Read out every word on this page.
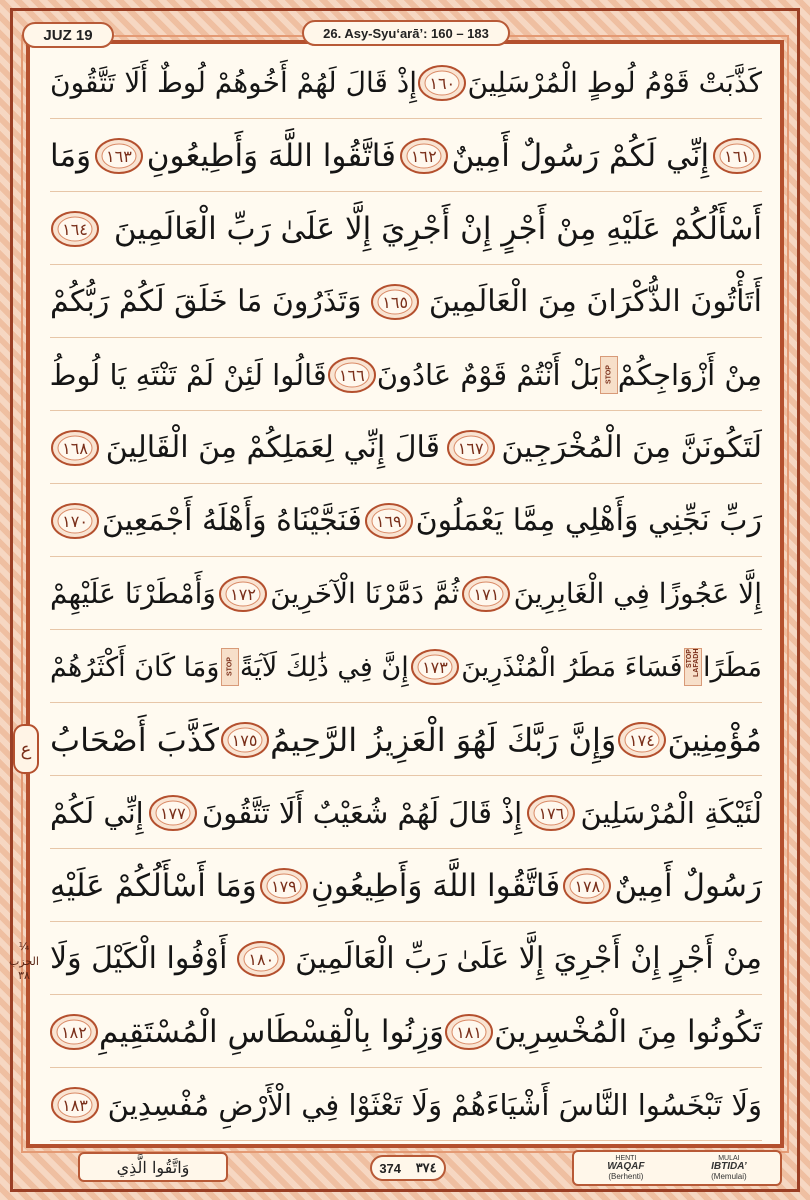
JUZ 19	26. Asy-Syu‘arā’: 160 – 183
كَذَّبَتْ قَوْمُ لُوطٍ الْمُرْسَلِينَ
١٦٠
إِذْ قَالَ لَهُمْ أَخُوهُمْ لُوطٌ أَلَا تَتَّقُونَ
١٦١
إِنِّي لَكُمْ رَسُولٌ أَمِينٌ
١٦٢
فَاتَّقُوا اللَّهَ وَأَطِيعُونِ
١٦٣
وَمَا
أَسْأَلُكُمْ عَلَيْهِ مِنْ أَجْرٍ إِنْ أَجْرِيَ إِلَّا عَلَىٰ رَبِّ الْعَالَمِينَ
١٦٤
أَتَأْتُونَ الذُّكْرَانَ مِنَ الْعَالَمِينَ
١٦٥
وَتَذَرُونَ مَا خَلَقَ لَكُمْ رَبُّكُمْ
مِنْ أَزْوَاجِكُمْ
STOP
بَلْ أَنْتُمْ قَوْمٌ عَادُونَ
١٦٦
قَالُوا لَئِنْ لَمْ تَنْتَهِ يَا لُوطُ
لَتَكُونَنَّ مِنَ الْمُخْرَجِينَ
١٦٧
قَالَ إِنِّي لِعَمَلِكُمْ مِنَ الْقَالِينَ
١٦٨
رَبِّ نَجِّنِي وَأَهْلِي مِمَّا يَعْمَلُونَ
١٦٩
فَنَجَّيْنَاهُ وَأَهْلَهُ أَجْمَعِينَ
١٧٠
إِلَّا عَجُوزًا فِي الْغَابِرِينَ
١٧١
ثُمَّ دَمَّرْنَا الْآخَرِينَ
١٧٢
وَأَمْطَرْنَا عَلَيْهِمْ
مَطَرًا
STOP LAFADH
فَسَاءَ مَطَرُ الْمُنْذَرِينَ
١٧٣
إِنَّ فِي ذَٰلِكَ لَآيَةً
STOP
وَمَا كَانَ أَكْثَرُهُمْ
مُؤْمِنِينَ
١٧٤
وَإِنَّ رَبَّكَ لَهُوَ الْعَزِيزُ الرَّحِيمُ
١٧٥
كَذَّبَ أَصْحَابُ
لْئَيْكَةِ الْمُرْسَلِينَ
١٧٦
إِذْ قَالَ لَهُمْ شُعَيْبٌ أَلَا تَتَّقُونَ
١٧٧
إِنِّي لَكُمْ
رَسُولٌ أَمِينٌ
١٧٨
فَاتَّقُوا اللَّهَ وَأَطِيعُونِ
١٧٩
وَمَا أَسْأَلُكُمْ عَلَيْهِ
مِنْ أَجْرٍ إِنْ أَجْرِيَ إِلَّا عَلَىٰ رَبِّ الْعَالَمِينَ
١٨٠
أَوْفُوا الْكَيْلَ وَلَا
تَكُونُوا مِنَ الْمُخْسِرِينَ
١٨١
وَزِنُوا بِالْقِسْطَاسِ الْمُسْتَقِيمِ
١٨٢
وَلَا تَبْخَسُوا النَّاسَ أَشْيَاءَهُمْ وَلَا تَعْثَوْا فِي الْأَرْضِ مُفْسِدِينَ
١٨٣
ع
¼
الحزب
٣٨
وَاتَّقُوا الَّذِي	374 ٣٧٤
HENTI
WAQAF
(Berhenti)
MULAI
IBTIDA’
(Memulai)
